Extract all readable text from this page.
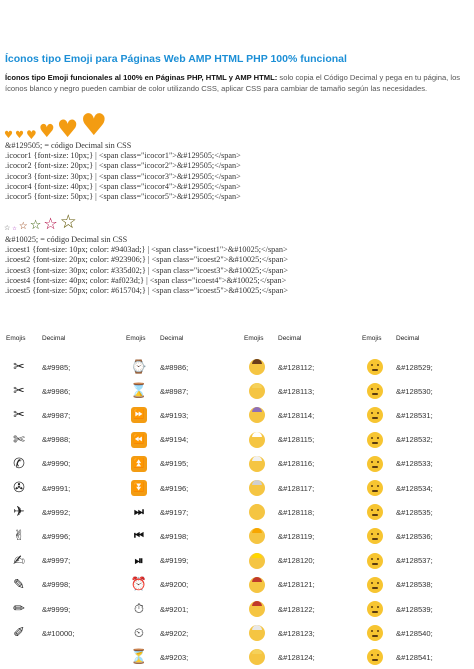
Íconos tipo Emoji para Páginas Web AMP HTML PHP 100% funcional
Íconos tipo Emoji funcionales al 100% en Páginas PHP, HTML y AMP HTML: solo copia el Código Decimal y pega en tu página, los íconos blanco y negro pueden cambiar de color utilizando CSS, aplicar CSS para cambiar de tamaño según las necesidades.
♥ ♥ ♥ ♥ ♥ ♥
&#129505; = código Decimal sin CSS
.icocor1 {font-size: 10px;} | <span class="icocor1">&#129505;</span>
.icocor2 {font-size: 20px;} | <span class="icocor2">&#129505;</span>
.icocor3 {font-size: 30px;} | <span class="icocor3">&#129505;</span>
.icocor4 {font-size: 40px;} | <span class="icocor4">&#129505;</span>
.icocor5 {font-size: 50px;} | <span class="icocor5">&#129505;</span>
☆ ☆ ☆ ☆ ☆ ☆
&#10025; = código Decimal sin CSS
.icoest1 {font-size: 10px; color: #9403ad;} | <span class="icoest1">&#10025;</span>
.icoest2 {font-size: 20px; color: #923906;} | <span class="icoest2">&#10025;</span>
.icoest3 {font-size: 30px; color: #335d02;} | <span class="icoest3">&#10025;</span>
.icoest4 {font-size: 40px; color: #af023d;} | <span class="icoest4">&#10025;</span>
.icoest5 {font-size: 50px; color: #615704;} | <span class="icoest5">&#10025;</span>
Emojis	Decimal
✂	&#9985;
✂	&#9986;
✂	&#9987;
✄	&#9988;
✆	&#9990;
✇	&#9991;
✈	&#9992;
✌	&#9996;
✍	&#9997;
✎	&#9998;
✏	&#9999;
✐	&#10000;
Emojis Decimal
⌚ &#8986;
⌛ &#8987;
⏩	&#9193;
⏪	&#9194;
⏫	&#9195;
⏬	&#9196;
⏭	&#9197;
⏮	&#9198;
⏯	&#9199;
⏰ &#9200;
⏱	&#9201;
⏲	&#9202;
⏳ &#9203;
Emojis Decimal
&#128112;
&#128113;
&#128114;
&#128115;
&#128116;
&#128117;
&#128118;
&#128119;
&#128120;
&#128121;
&#128122;
&#128123;
&#128124;
Emojis Decimal
&#128529;
&#128530;
&#128531;
&#128532;
&#128533;
&#128534;
&#128535;
&#128536;
&#128537;
&#128538;
&#128539;
&#128540;
&#128541;
